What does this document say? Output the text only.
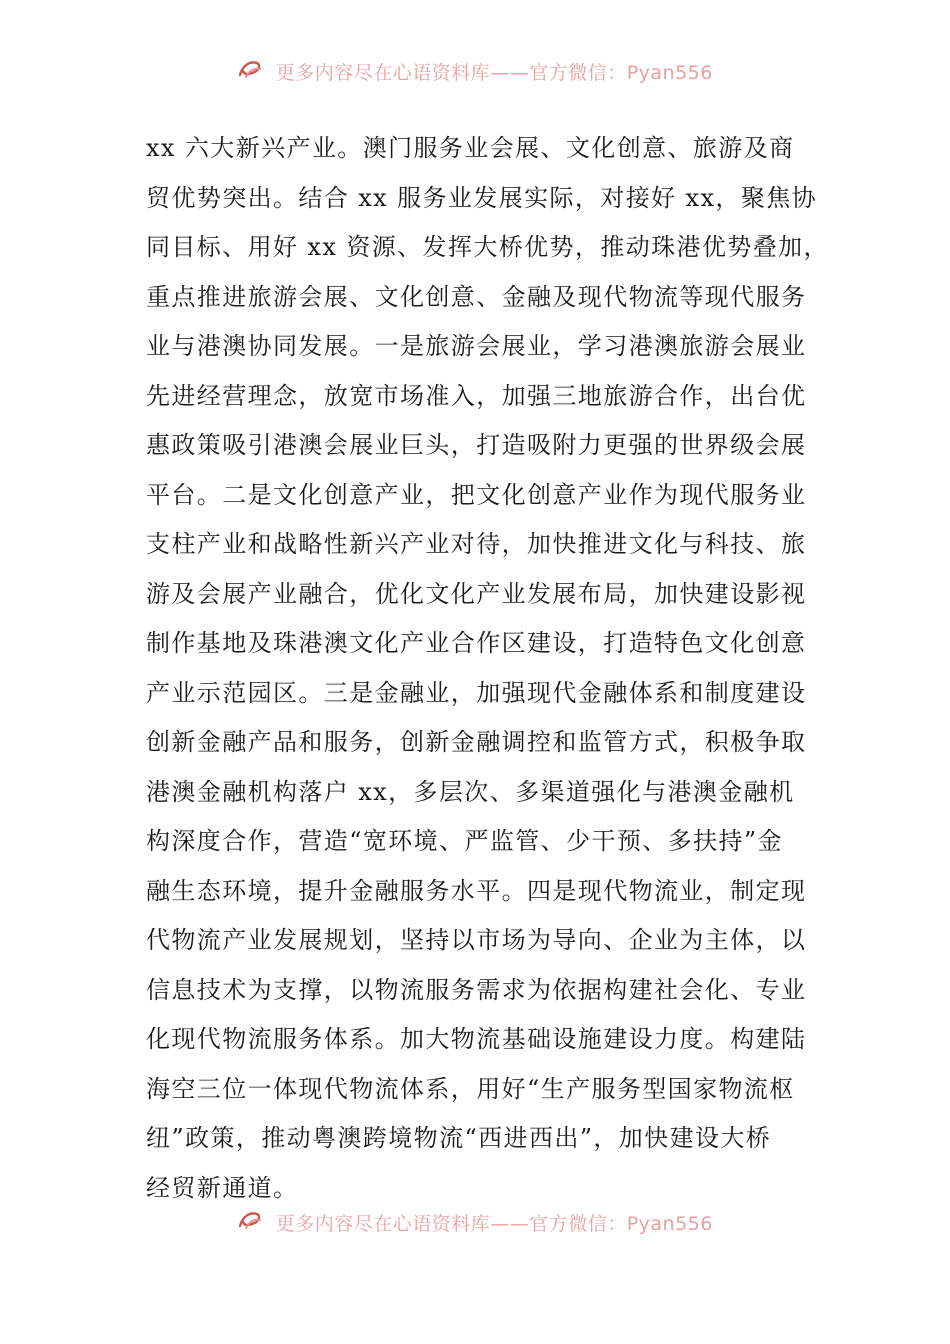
更多内容尽在心语资料库——官方微信：Pyan556
xx 六大新兴产业。澳门服务业会展、文化创意、旅游及商
贸优势突出。结合 xx 服务业发展实际，对接好 xx，聚焦协
同目标、用好 xx 资源、发挥大桥优势，推动珠港优势叠加，
重点推进旅游会展、文化创意、金融及现代物流等现代服务
业与港澳协同发展。一是旅游会展业，学习港澳旅游会展业
先进经营理念，放宽市场准入，加强三地旅游合作，出台优
惠政策吸引港澳会展业巨头，打造吸附力更强的世界级会展
平台。二是文化创意产业，把文化创意产业作为现代服务业
支柱产业和战略性新兴产业对待，加快推进文化与科技、旅
游及会展产业融合，优化文化产业发展布局，加快建设影视
制作基地及珠港澳文化产业合作区建设，打造特色文化创意
产业示范园区。三是金融业，加强现代金融体系和制度建设
创新金融产品和服务，创新金融调控和监管方式，积极争取
港澳金融机构落户 xx，多层次、多渠道强化与港澳金融机
构深度合作，营造“宽环境、严监管、少干预、多扶持”金
融生态环境，提升金融服务水平。四是现代物流业，制定现
代物流产业发展规划，坚持以市场为导向、企业为主体，以
信息技术为支撑，以物流服务需求为依据构建社会化、专业
化现代物流服务体系。加大物流基础设施建设力度。构建陆
海空三位一体现代物流体系，用好“生产服务型国家物流枢
纽”政策，推动粤澳跨境物流“西进西出”，加快建设大桥
经贸新通道。
更多内容尽在心语资料库——官方微信：Pyan556
